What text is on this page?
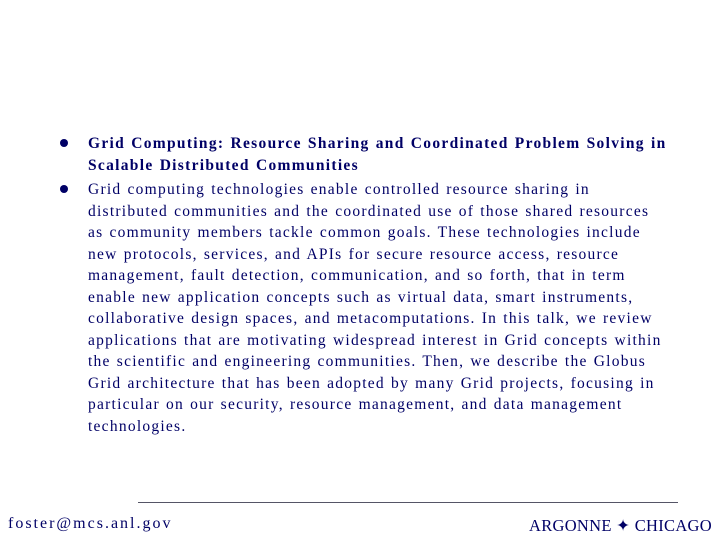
Grid Computing: Resource Sharing and Coordinated Problem Solving in Scalable Distributed Communities
Grid computing technologies enable controlled resource sharing in distributed communities and the coordinated use of those shared resources as community members tackle common goals. These technologies include new protocols, services, and APIs for secure resource access, resource management, fault detection, communication, and so forth, that in term enable new application concepts such as virtual data, smart instruments, collaborative design spaces, and metacomputations. In this talk, we review applications that are motivating widespread interest in Grid concepts within the scientific and engineering communities. Then, we describe the Globus Grid architecture that has been adopted by many Grid projects, focusing in particular on our security, resource management, and data management technologies.
foster@mcs.anl.gov	ARGONNE ✦ CHICAGO
